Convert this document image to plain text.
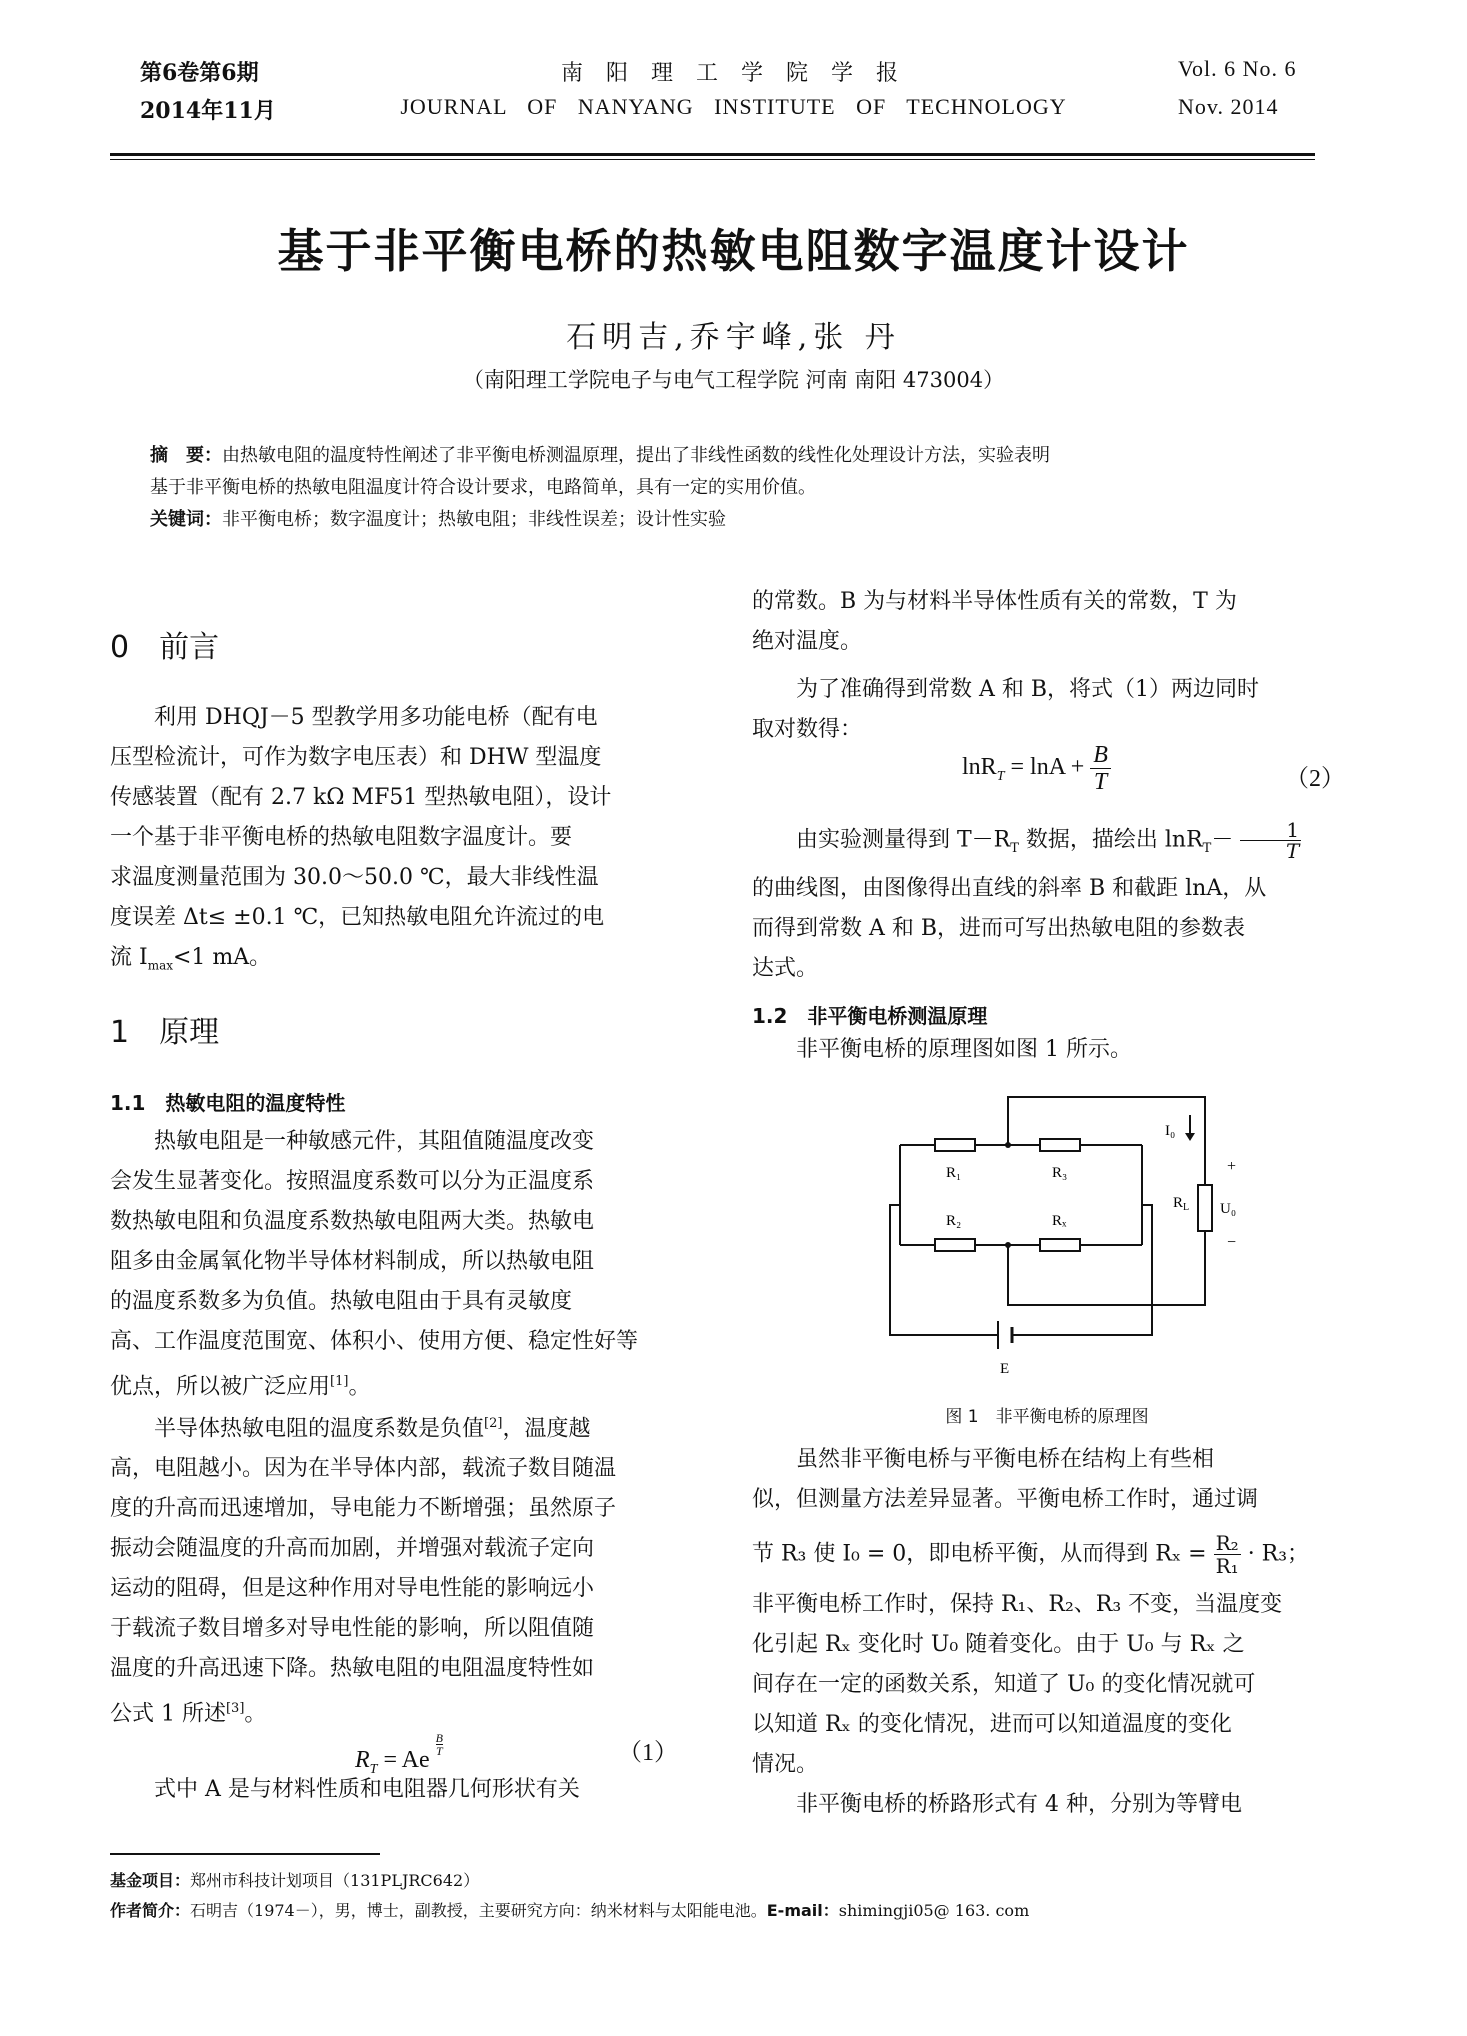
第6卷第6期
2014年11月
南 阳 理 工 学 院 学 报
JOURNAL OF NANYANG INSTITUTE OF TECHNOLOGY
Vol. 6 No. 6
Nov. 2014
基于非平衡电桥的热敏电阻数字温度计设计
石明吉,乔宇峰,张 丹
（南阳理工学院电子与电气工程学院 河南 南阳 473004）
摘　要：由热敏电阻的温度特性阐述了非平衡电桥测温原理，提出了非线性函数的线性化处理设计方法，实验表明
基于非平衡电桥的热敏电阻温度计符合设计要求，电路简单，具有一定的实用价值。
关键词：非平衡电桥；数字温度计；热敏电阻；非线性误差；设计性实验
0　前言

利用 DHQJ－5 型教学用多功能电桥（配有电

压型检流计，可作为数字电压表）和 DHW 型温度

传感装置（配有 2.7 kΩ MF51 型热敏电阻），设计

一个基于非平衡电桥的热敏电阻数字温度计。要

求温度测量范围为 30.0～50.0 ℃，最大非线性温

度误差 Δt≤ ±0.1 ℃，已知热敏电阻允许流过的电

流 $I_{max}<1$ mA。

1　原理
1.1　热敏电阻的温度特性

热敏电阻是一种敏感元件，其阻值随温度改变

会发生显著变化。按照温度系数可以分为正温度系

数热敏电阻和负温度系数热敏电阻两大类。热敏电

阻多由金属氧化物半导体材料制成，所以热敏电阻

的温度系数多为负值。热敏电阻由于具有灵敏度

高、工作温度范围宽、体积小、使用方便、稳定性好等

优点，所以被广泛应用[1]。

半导体热敏电阻的温度系数是负值[2]，温度越

高，电阻越小。因为在半导体内部，载流子数目随温

度的升高而迅速增加，导电能力不断增强；虽然原子

振动会随温度的升高而加剧，并增强对载流子定向

运动的阻碍，但是这种作用对导电性能的影响远小

于载流子数目增多对导电性能的影响，所以阻值随

温度的升高迅速下降。热敏电阻的电阻温度特性如

公式 1 所述[3]。

$R_T = Ae$
$\frac{B}{T}$	（1）

式中 A 是与材料性质和电阻器几何形状有关

的常数。B 为与材料半导体性质有关的常数，T 为

绝对温度。

为了准确得到常数 A 和 B，将式（1）两边同时

取对数得：

$\ln R_T = \ln A + \frac{B}{T}$	（2）

由实验测量得到 $T-R_T$ 数据，描绘出 $\ln R_T- \frac{1}{T}$

的曲线图，由图像得出直线的斜率 B 和截距 lnA，从

而得到常数 A 和 B，进而可写出热敏电阻的参数表

达式。

1.2　非平衡电桥测温原理

非平衡电桥的原理图如图 1 所示。

R₁	R₃
R₂	Rₓ
I₀
$R_L$ U₀
+
−
E
图 1　非平衡电桥的原理图

虽然非平衡电桥与平衡电桥在结构上有些相

似，但测量方法差异显著。平衡电桥工作时，通过调

节 R₃ 使 I₀ = 0，即电桥平衡，从而得到 $R_x = \frac{\text{R₂}}{\text{R₁}} \cdot R_3$；

非平衡电桥工作时，保持 R₁、R₂、R₃ 不变，当温度变

化引起 Rₓ 变化时 U₀ 随着变化。由于 U₀ 与 Rₓ 之

间存在一定的函数关系，知道了 U₀ 的变化情况就可

以知道 Rₓ 的变化情况，进而可以知道温度的变化

情况。

非平衡电桥的桥路形式有 4 种，分别为等臂电

基金项目：郑州市科技计划项目（131PLJRC642）
作者简介：石明吉（1974－），男，博士，副教授，主要研究方向：纳米材料与太阳能电池。E-mail：shimingji05@ 163. com
